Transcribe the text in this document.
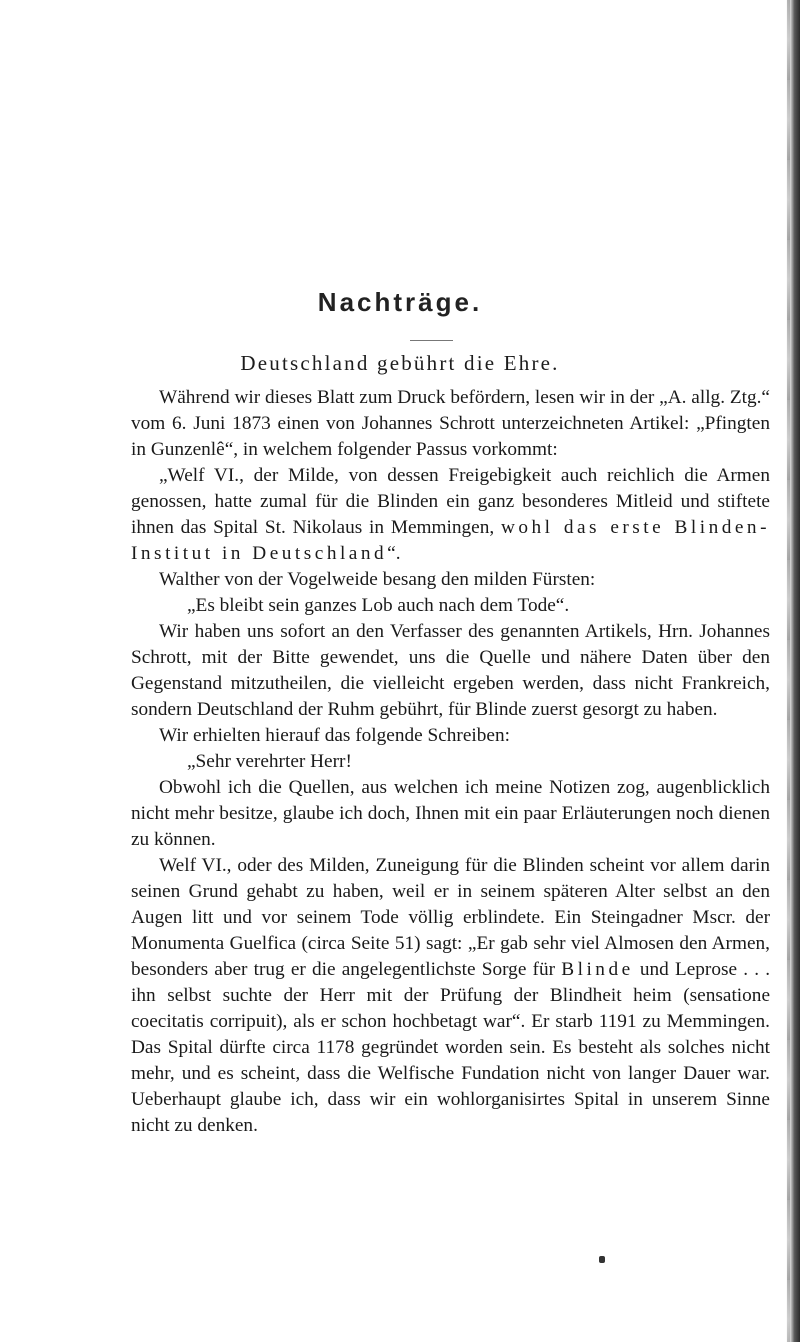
Nachträge.
Deutschland gebührt die Ehre.

Während wir dieses Blatt zum Druck befördern, lesen wir in der „A. allg. Ztg.“ vom 6. Juni 1873 einen von Johannes Schrott unterzeichneten Artikel: „Pfingten in Gunzenlê“, in welchem folgender Passus vorkommt:

„Welf VI., der Milde, von dessen Freigebigkeit auch reichlich die Armen genossen, hatte zumal für die Blinden ein ganz besonderes Mitleid und stiftete ihnen das Spital St. Nikolaus in Memmingen, wohl das erste Blinden-Institut in Deutschland“.

Walther von der Vogelweide besang den milden Fürsten:

„Es bleibt sein ganzes Lob auch nach dem Tode“.

Wir haben uns sofort an den Verfasser des genannten Artikels, Hrn. Johannes Schrott, mit der Bitte gewendet, uns die Quelle und nähere Daten über den Gegenstand mitzutheilen, die vielleicht ergeben werden, dass nicht Frankreich, sondern Deutschland der Ruhm gebührt, für Blinde zuerst gesorgt zu haben.

Wir erhielten hierauf das folgende Schreiben:

„Sehr verehrter Herr!

Obwohl ich die Quellen, aus welchen ich meine Notizen zog, augenblicklich nicht mehr besitze, glaube ich doch, Ihnen mit ein paar Erläuterungen noch dienen zu können.

Welf VI., oder des Milden, Zuneigung für die Blinden scheint vor allem darin seinen Grund gehabt zu haben, weil er in seinem späteren Alter selbst an den Augen litt und vor seinem Tode völlig erblindete. Ein Steingadner Mscr. der Monumenta Guelfica (circa Seite 51) sagt: „Er gab sehr viel Almosen den Armen, besonders aber trug er die angelegentlichste Sorge für Blinde und Leprose . . . ihn selbst suchte der Herr mit der Prüfung der Blindheit heim (sensatione coecitatis corripuit), als er schon hochbetagt war“. Er starb 1191 zu Memmingen. Das Spital dürfte circa 1178 gegründet worden sein. Es besteht als solches nicht mehr, und es scheint, dass die Welfische Fundation nicht von langer Dauer war. Ueberhaupt glaube ich, dass wir ein wohlorganisirtes Spital in unserem Sinne nicht zu denken.
